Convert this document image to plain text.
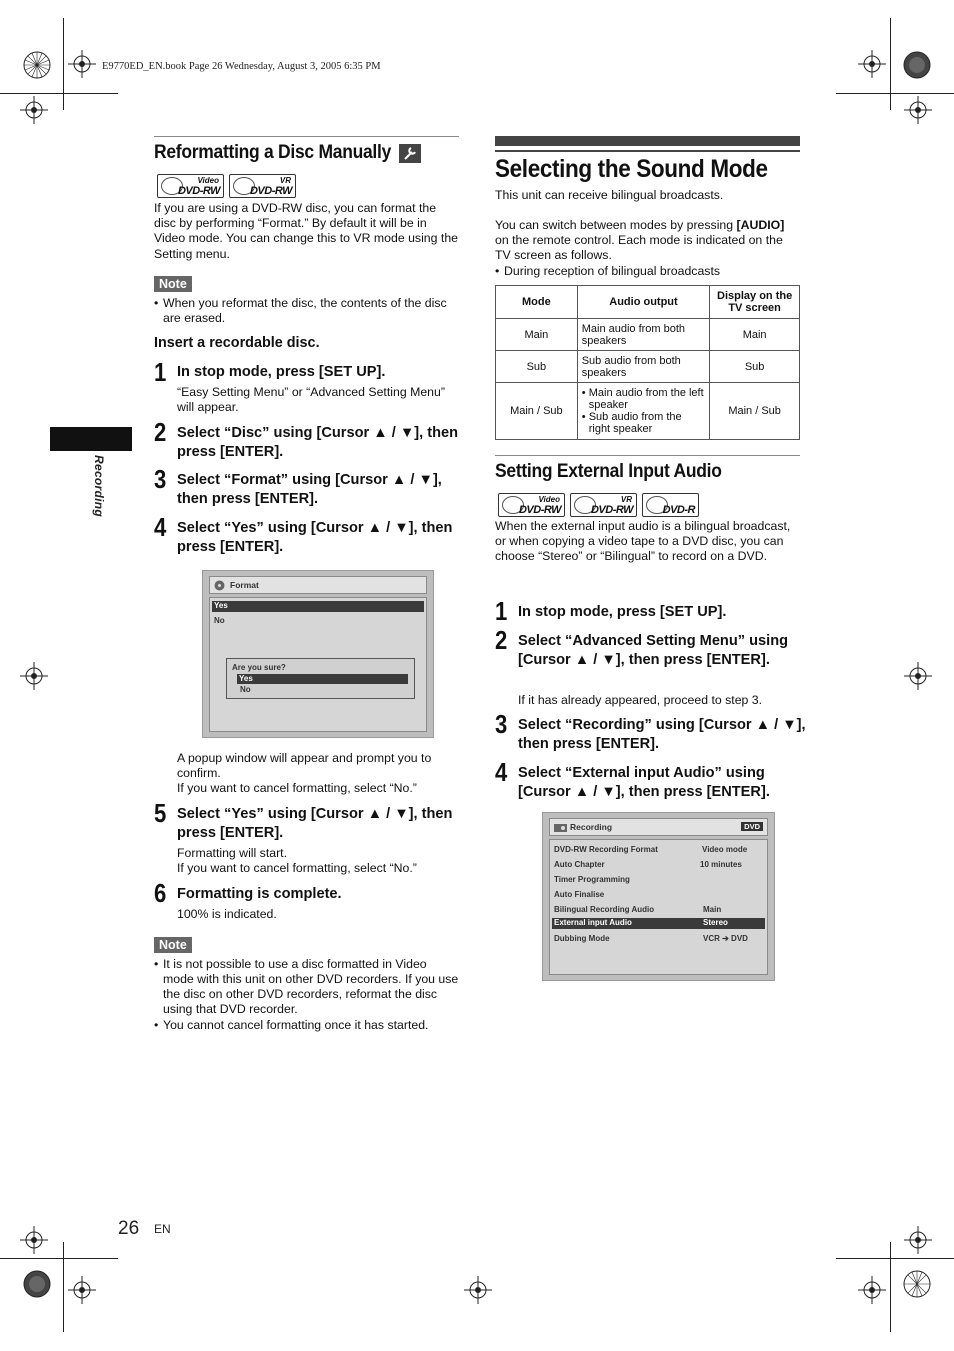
E9770ED_EN.book Page 26 Wednesday, August 3, 2005 6:35 PM
Recording
Reformatting a Disc Manually
Video
DVD-RW
VR
DVD-RW
If you are using a DVD-RW disc, you can format the disc by performing “Format.” By default it will be in Video mode. You can change this to VR mode using the Setting menu.
Note
• When you reformat the disc, the contents of the disc are erased.
Insert a recordable disc.
1 In stop mode, press [SET UP].
“Easy Setting Menu” or “Advanced Setting Menu” will appear.
2 Select “Disc” using [Cursor ▲ / ▼], then press [ENTER].
3 Select “Format” using [Cursor ▲ / ▼], then press [ENTER].
4 Select “Yes” using [Cursor ▲ / ▼], then press [ENTER].
Format
Yes
No
Are you sure?
Yes
No
A popup window will appear and prompt you to confirm.
If you want to cancel formatting, select “No.”
5 Select “Yes” using [Cursor ▲ / ▼], then press [ENTER].
Formatting will start.
If you want to cancel formatting, select “No.”
6 Formatting is complete.
100% is indicated.
Note
• It is not possible to use a disc formatted in Video mode with this unit on other DVD recorders. If you use the disc on other DVD recorders, reformat the disc using that DVD recorder.
• You cannot cancel formatting once it has started.
Selecting the Sound Mode
This unit can receive bilingual broadcasts.
You can switch between modes by pressing [AUDIO] on the remote control. Each mode is indicated on the TV screen as follows.
• During reception of bilingual broadcasts
Mode	Audio output	Display on the TV screen
Main	Main audio from both speakers	Main
Sub	Sub audio from both speakers	Sub
Main / Sub	• Main audio from the left speaker
• Sub audio from the right speaker	Main / Sub
Setting External Input Audio
Video
DVD-RW
VR
DVD-RW	DVD-R
When the external input audio is a bilingual broadcast, or when copying a video tape to a DVD disc, you can choose “Stereo” or “Bilingual” to record on a DVD.
1 In stop mode, press [SET UP].
2 Select “Advanced Setting Menu” using [Cursor ▲ / ▼], then press [ENTER].
If it has already appeared, proceed to step 3.
3 Select “Recording” using [Cursor ▲ / ▼], then press [ENTER].
4 Select “External input Audio” using [Cursor ▲ / ▼], then press [ENTER].
Recording	DVD
DVD-RW Recording Format	Video mode
Auto Chapter	10 minutes
Timer Programming
Auto Finalise
Bilingual Recording Audio	Main
External input Audio	Stereo
Dubbing Mode	VCR ➔ DVD
26 EN
